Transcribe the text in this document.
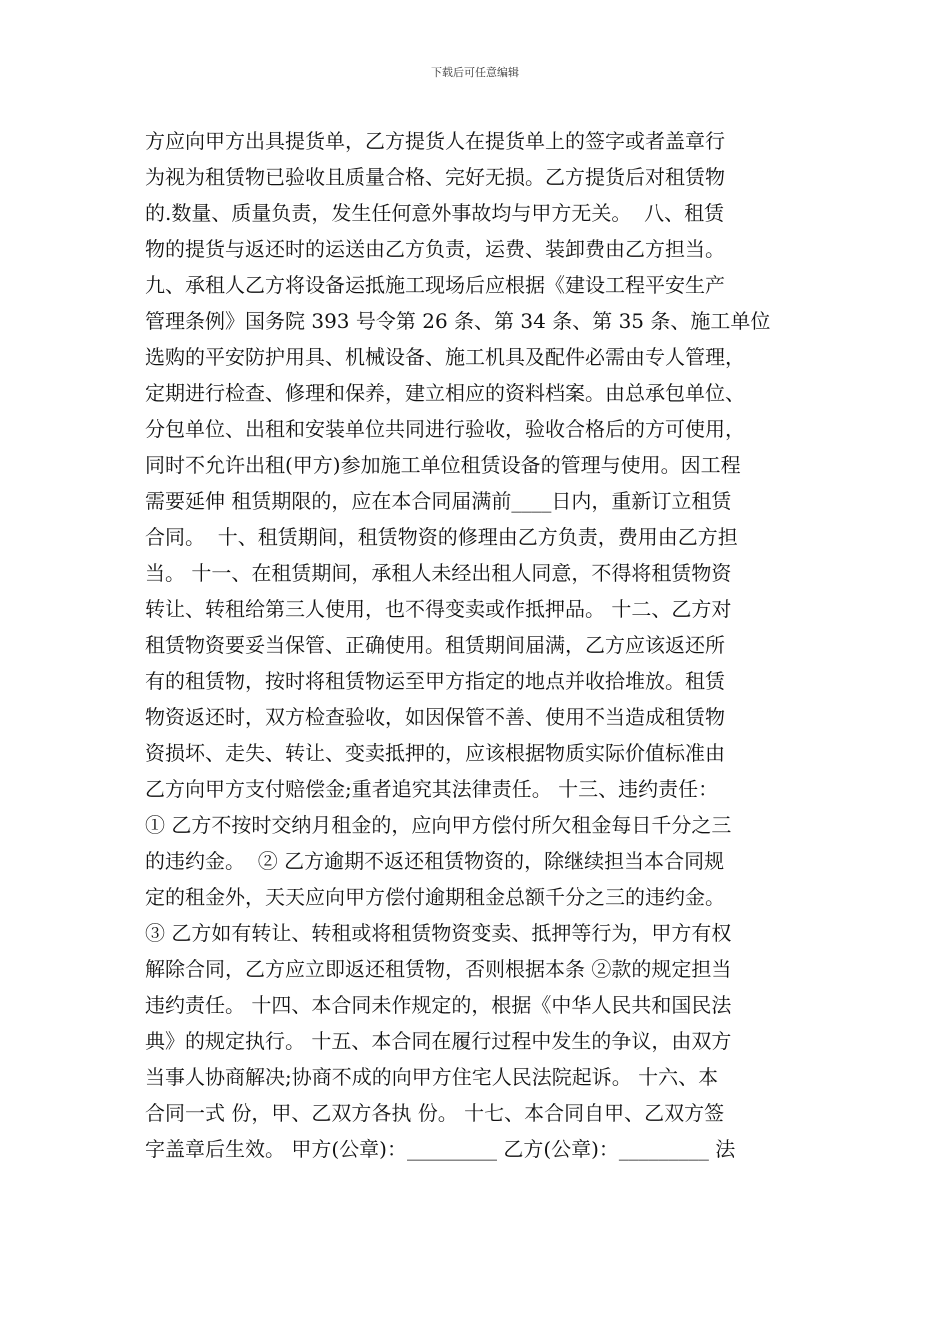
下载后可任意编辑
方应向甲方出具提货单，乙方提货人在提货单上的签字或者盖章行
为视为租赁物已验收且质量合格、完好无损。乙方提货后对租赁物
的.数量、质量负责，发生任何意外事故均与甲方无关。  八、租赁
物的提货与返还时的运送由乙方负责，运费、装卸费由乙方担当。
九、承租人乙方将设备运抵施工现场后应根据《建设工程平安生产
管理条例》国务院 393 号令第 26 条、第 34 条、第 35 条、施工单位
选购的平安防护用具、机械设备、施工机具及配件必需由专人管理，
定期进行检查、修理和保养，建立相应的资料档案。由总承包单位、
分包单位、出租和安装单位共同进行验收，验收合格后的方可使用，
同时不允许出租(甲方)参加施工单位租赁设备的管理与使用。因工程
需要延伸 租赁期限的，应在本合同届满前____日内，重新订立租赁
合同。  十、租赁期间，租赁物资的修理由乙方负责，费用由乙方担
当。 十一、在租赁期间，承租人未经出租人同意，不得将租赁物资
转让、转租给第三人使用，也不得变卖或作抵押品。 十二、乙方对
租赁物资要妥当保管、正确使用。租赁期间届满，乙方应该返还所
有的租赁物，按时将租赁物运至甲方指定的地点并收拾堆放。租赁
物资返还时，双方检查验收，如因保管不善、使用不当造成租赁物
资损坏、走失、转让、变卖抵押的，应该根据物质实际价值标准由
乙方向甲方支付赔偿金;重者追究其法律责任。 十三、违约责任：
① 乙方不按时交纳月租金的，应向甲方偿付所欠租金每日千分之三
的违约金。  ② 乙方逾期不返还租赁物资的，除继续担当本合同规
定的租金外，天天应向甲方偿付逾期租金总额千分之三的违约金。
③ 乙方如有转让、转租或将租赁物资变卖、抵押等行为，甲方有权
解除合同，乙方应立即返还租赁物，否则根据本条 ②款的规定担当
违约责任。 十四、本合同未作规定的，根据《中华人民共和国民法
典》的规定执行。 十五、本合同在履行过程中发生的争议，由双方
当事人协商解决;协商不成的向甲方住宅人民法院起诉。 十六、本
合同一式 份，甲、乙双方各执 份。 十七、本合同自甲、乙双方签
字盖章后生效。 甲方(公章)：_________ 乙方(公章)：_________ 法
